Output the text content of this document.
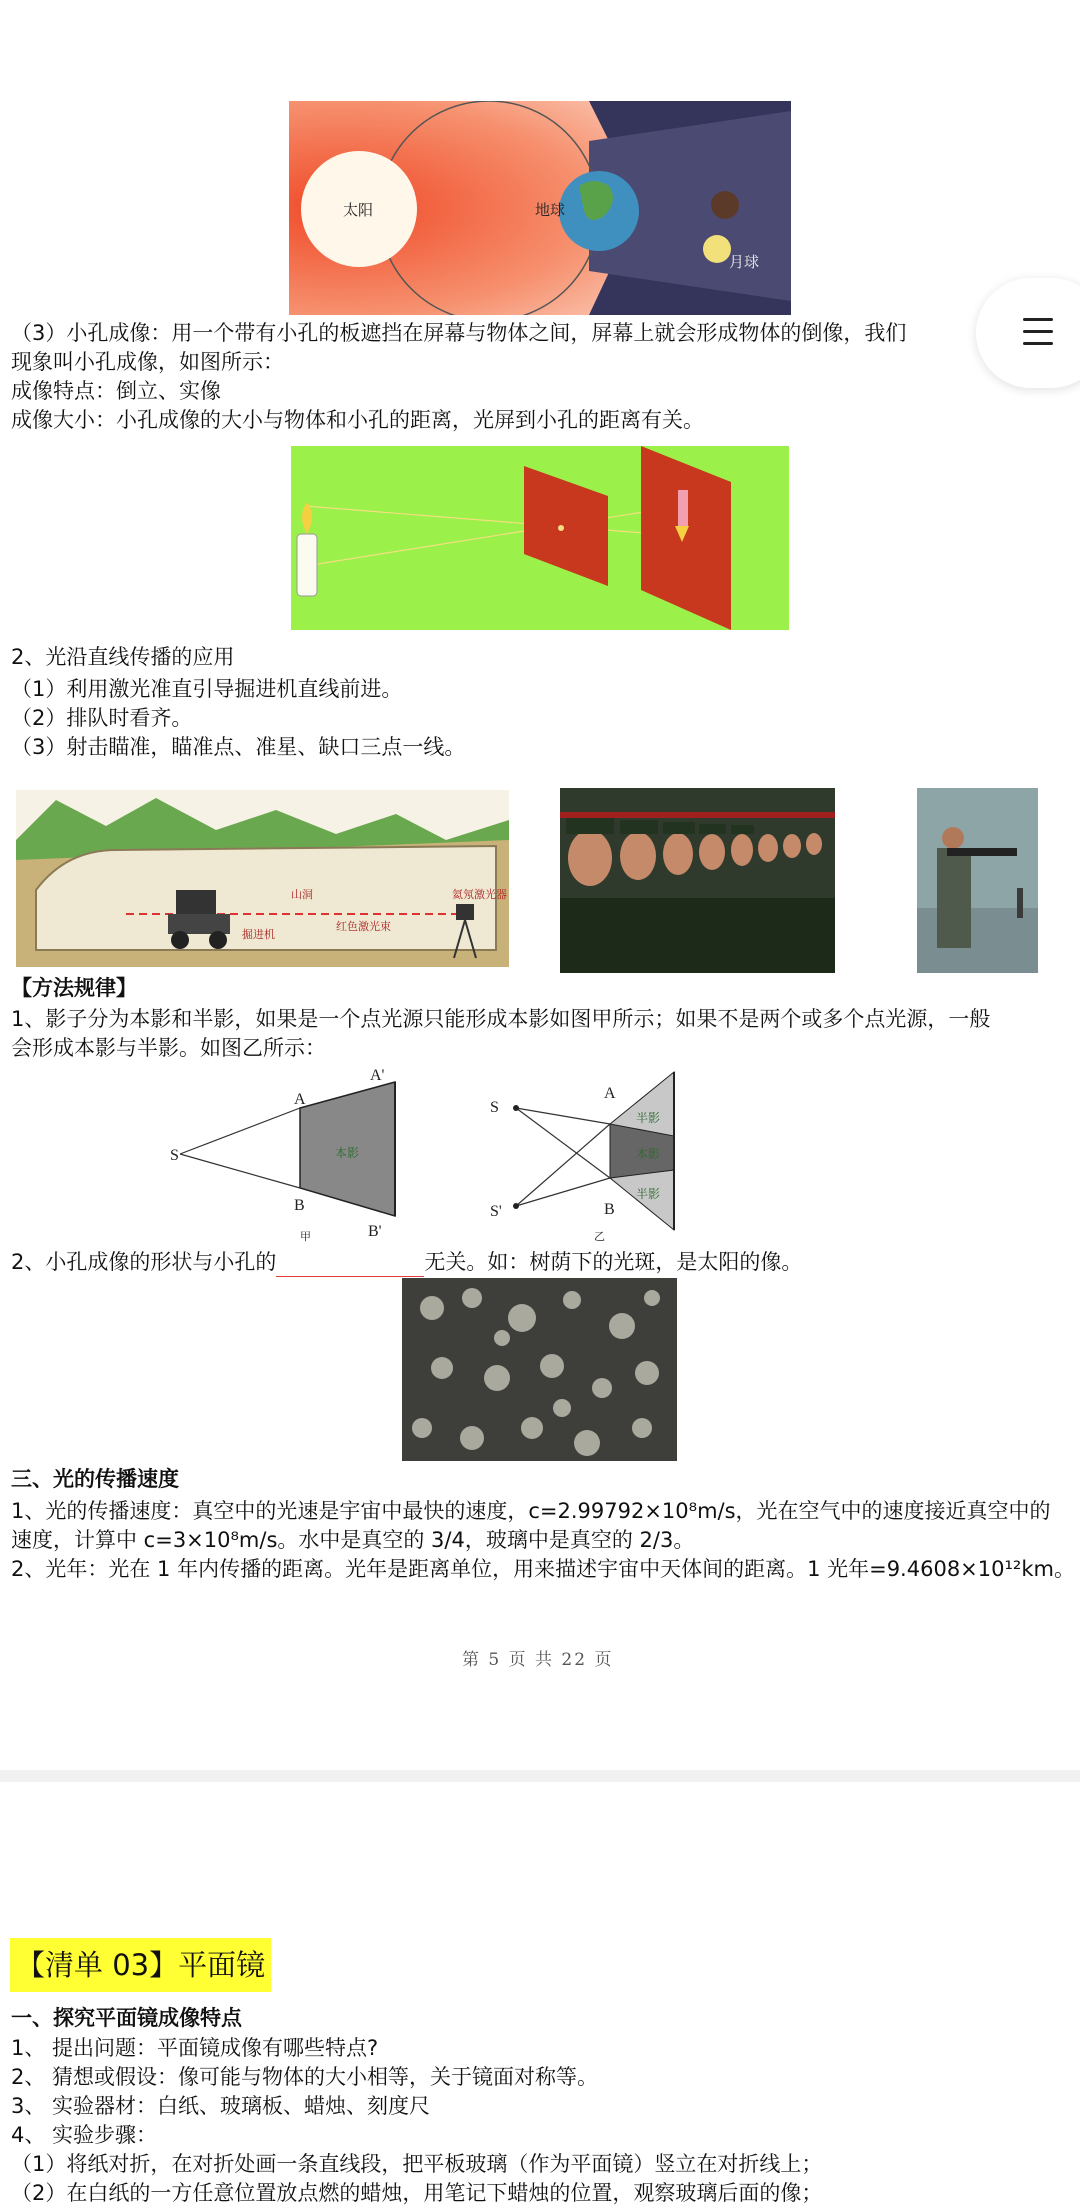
太阳	地球
月球
（3）小孔成像：用一个带有小孔的板遮挡在屏幕与物体之间，屏幕上就会形成物体的倒像，我们
现象叫小孔成像，如图所示：
成像特点：倒立、实像
成像大小：小孔成像的大小与物体和小孔的距离，光屏到小孔的距离有关。
2、光沿直线传播的应用
（1）利用激光准直引导掘进机直线前进。
（2）排队时看齐。
（3）射击瞄准，瞄准点、准星、缺口三点一线。
山洞	氦氖激光器
红色激光束
掘进机
【方法规律】
1、影子分为本影和半影，如果是一个点光源只能形成本影如图甲所示；如果不是两个或多个点光源，一般
会形成本影与半影。如图乙所示：
S
A
A'
B
B'
本影
甲
S
S'
A
B
半影
本影
半影
乙
2、小孔成像的形状与小孔的	无关。如：树荫下的光斑，是太阳的像。
三、光的传播速度
1、光的传播速度：真空中的光速是宇宙中最快的速度，c=2.99792×10⁸m/s，光在空气中的速度接近真空中的
速度，计算中 c=3×10⁸m/s。水中是真空的 3/4，玻璃中是真空的 2/3。
2、光年：光在 1 年内传播的距离。光年是距离单位，用来描述宇宙中天体间的距离。1 光年=9.4608×10¹²km。
第 5 页 共 22 页
【清单 03】平面镜
一、探究平面镜成像特点
1、 提出问题：平面镜成像有哪些特点?
2、 猜想或假设：像可能与物体的大小相等，关于镜面对称等。
3、 实验器材：白纸、玻璃板、蜡烛、刻度尺
4、 实验步骤：
（1）将纸对折，在对折处画一条直线段，把平板玻璃（作为平面镜）竖立在对折线上；
（2）在白纸的一方任意位置放点燃的蜡烛，用笔记下蜡烛的位置，观察玻璃后面的像；
